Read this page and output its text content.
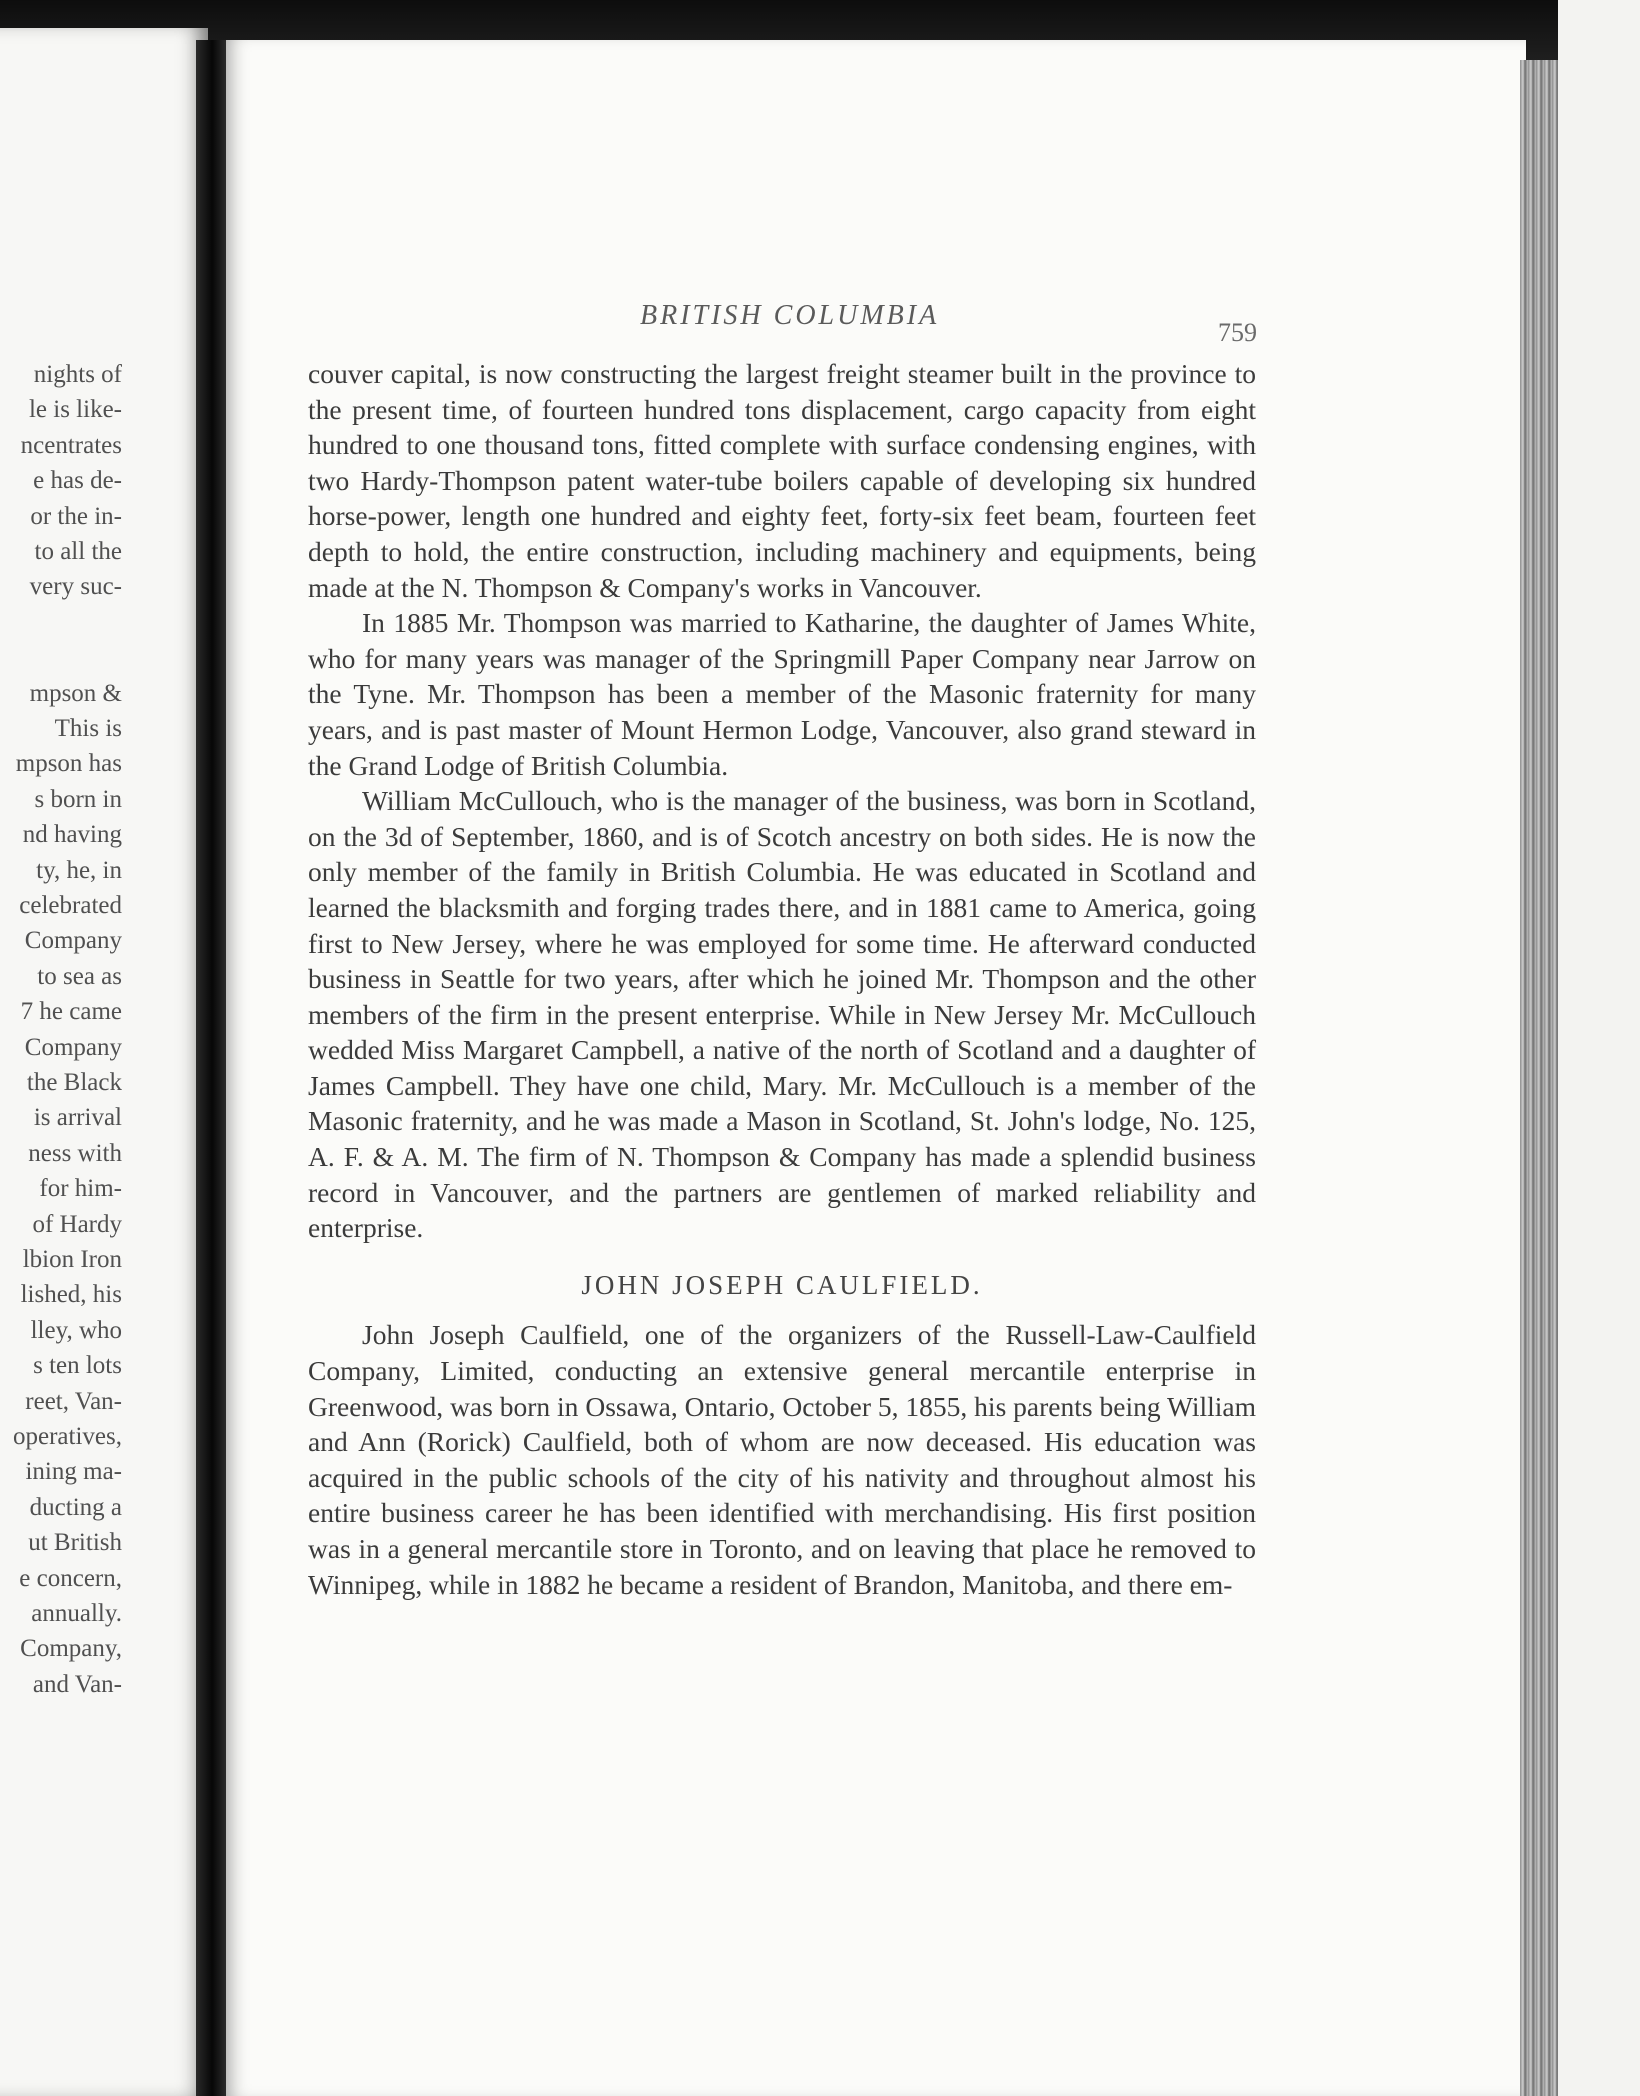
nights of
le is like-
ncentrates
e has de-
or the in-
to all the
very suc-
mpson &
This is
mpson has
s born in
nd having
ty, he, in
celebrated
Company
to sea as
7 he came
Company
the Black
is arrival
ness with
for him-
of Hardy
lbion Iron
lished, his
lley, who
s ten lots
reet, Van-
operatives,
ining ma-
ducting a
ut British
e concern,
annually.
Company,
and Van-
BRITISH COLUMBIA
759

couver capital, is now constructing the largest freight steamer built in the province to the present time, of fourteen hundred tons displacement, cargo capacity from eight hundred to one thousand tons, fitted complete with surface condensing engines, with two Hardy-Thompson patent water-tube boilers capable of developing six hundred horse-power, length one hundred and eighty feet, forty-six feet beam, fourteen feet depth to hold, the entire construction, including machinery and equipments, being made at the N. Thompson & Company's works in Vancouver.

In 1885 Mr. Thompson was married to Katharine, the daughter of James White, who for many years was manager of the Springmill Paper Company near Jarrow on the Tyne. Mr. Thompson has been a member of the Masonic fraternity for many years, and is past master of Mount Hermon Lodge, Vancouver, also grand steward in the Grand Lodge of British Columbia.

William McCullouch, who is the manager of the business, was born in Scotland, on the 3d of September, 1860, and is of Scotch ancestry on both sides. He is now the only member of the family in British Columbia. He was educated in Scotland and learned the blacksmith and forging trades there, and in 1881 came to America, going first to New Jersey, where he was employed for some time. He afterward conducted business in Seattle for two years, after which he joined Mr. Thompson and the other members of the firm in the present enterprise. While in New Jersey Mr. McCullouch wedded Miss Margaret Campbell, a native of the north of Scotland and a daughter of James Campbell. They have one child, Mary. Mr. McCullouch is a member of the Masonic fraternity, and he was made a Mason in Scotland, St. John's lodge, No. 125, A. F. & A. M. The firm of N. Thompson & Company has made a splendid business record in Vancouver, and the partners are gentlemen of marked reliability and enterprise.

JOHN JOSEPH CAULFIELD.

John Joseph Caulfield, one of the organizers of the Russell-Law-Caulfield Company, Limited, conducting an extensive general mercantile enterprise in Greenwood, was born in Ossawa, Ontario, October 5, 1855, his parents being William and Ann (Rorick) Caulfield, both of whom are now deceased. His education was acquired in the public schools of the city of his nativity and throughout almost his entire business career he has been identified with merchandising. His first position was in a general mercantile store in Toronto, and on leaving that place he removed to Winnipeg, while in 1882 he became a resident of Brandon, Manitoba, and there em-
